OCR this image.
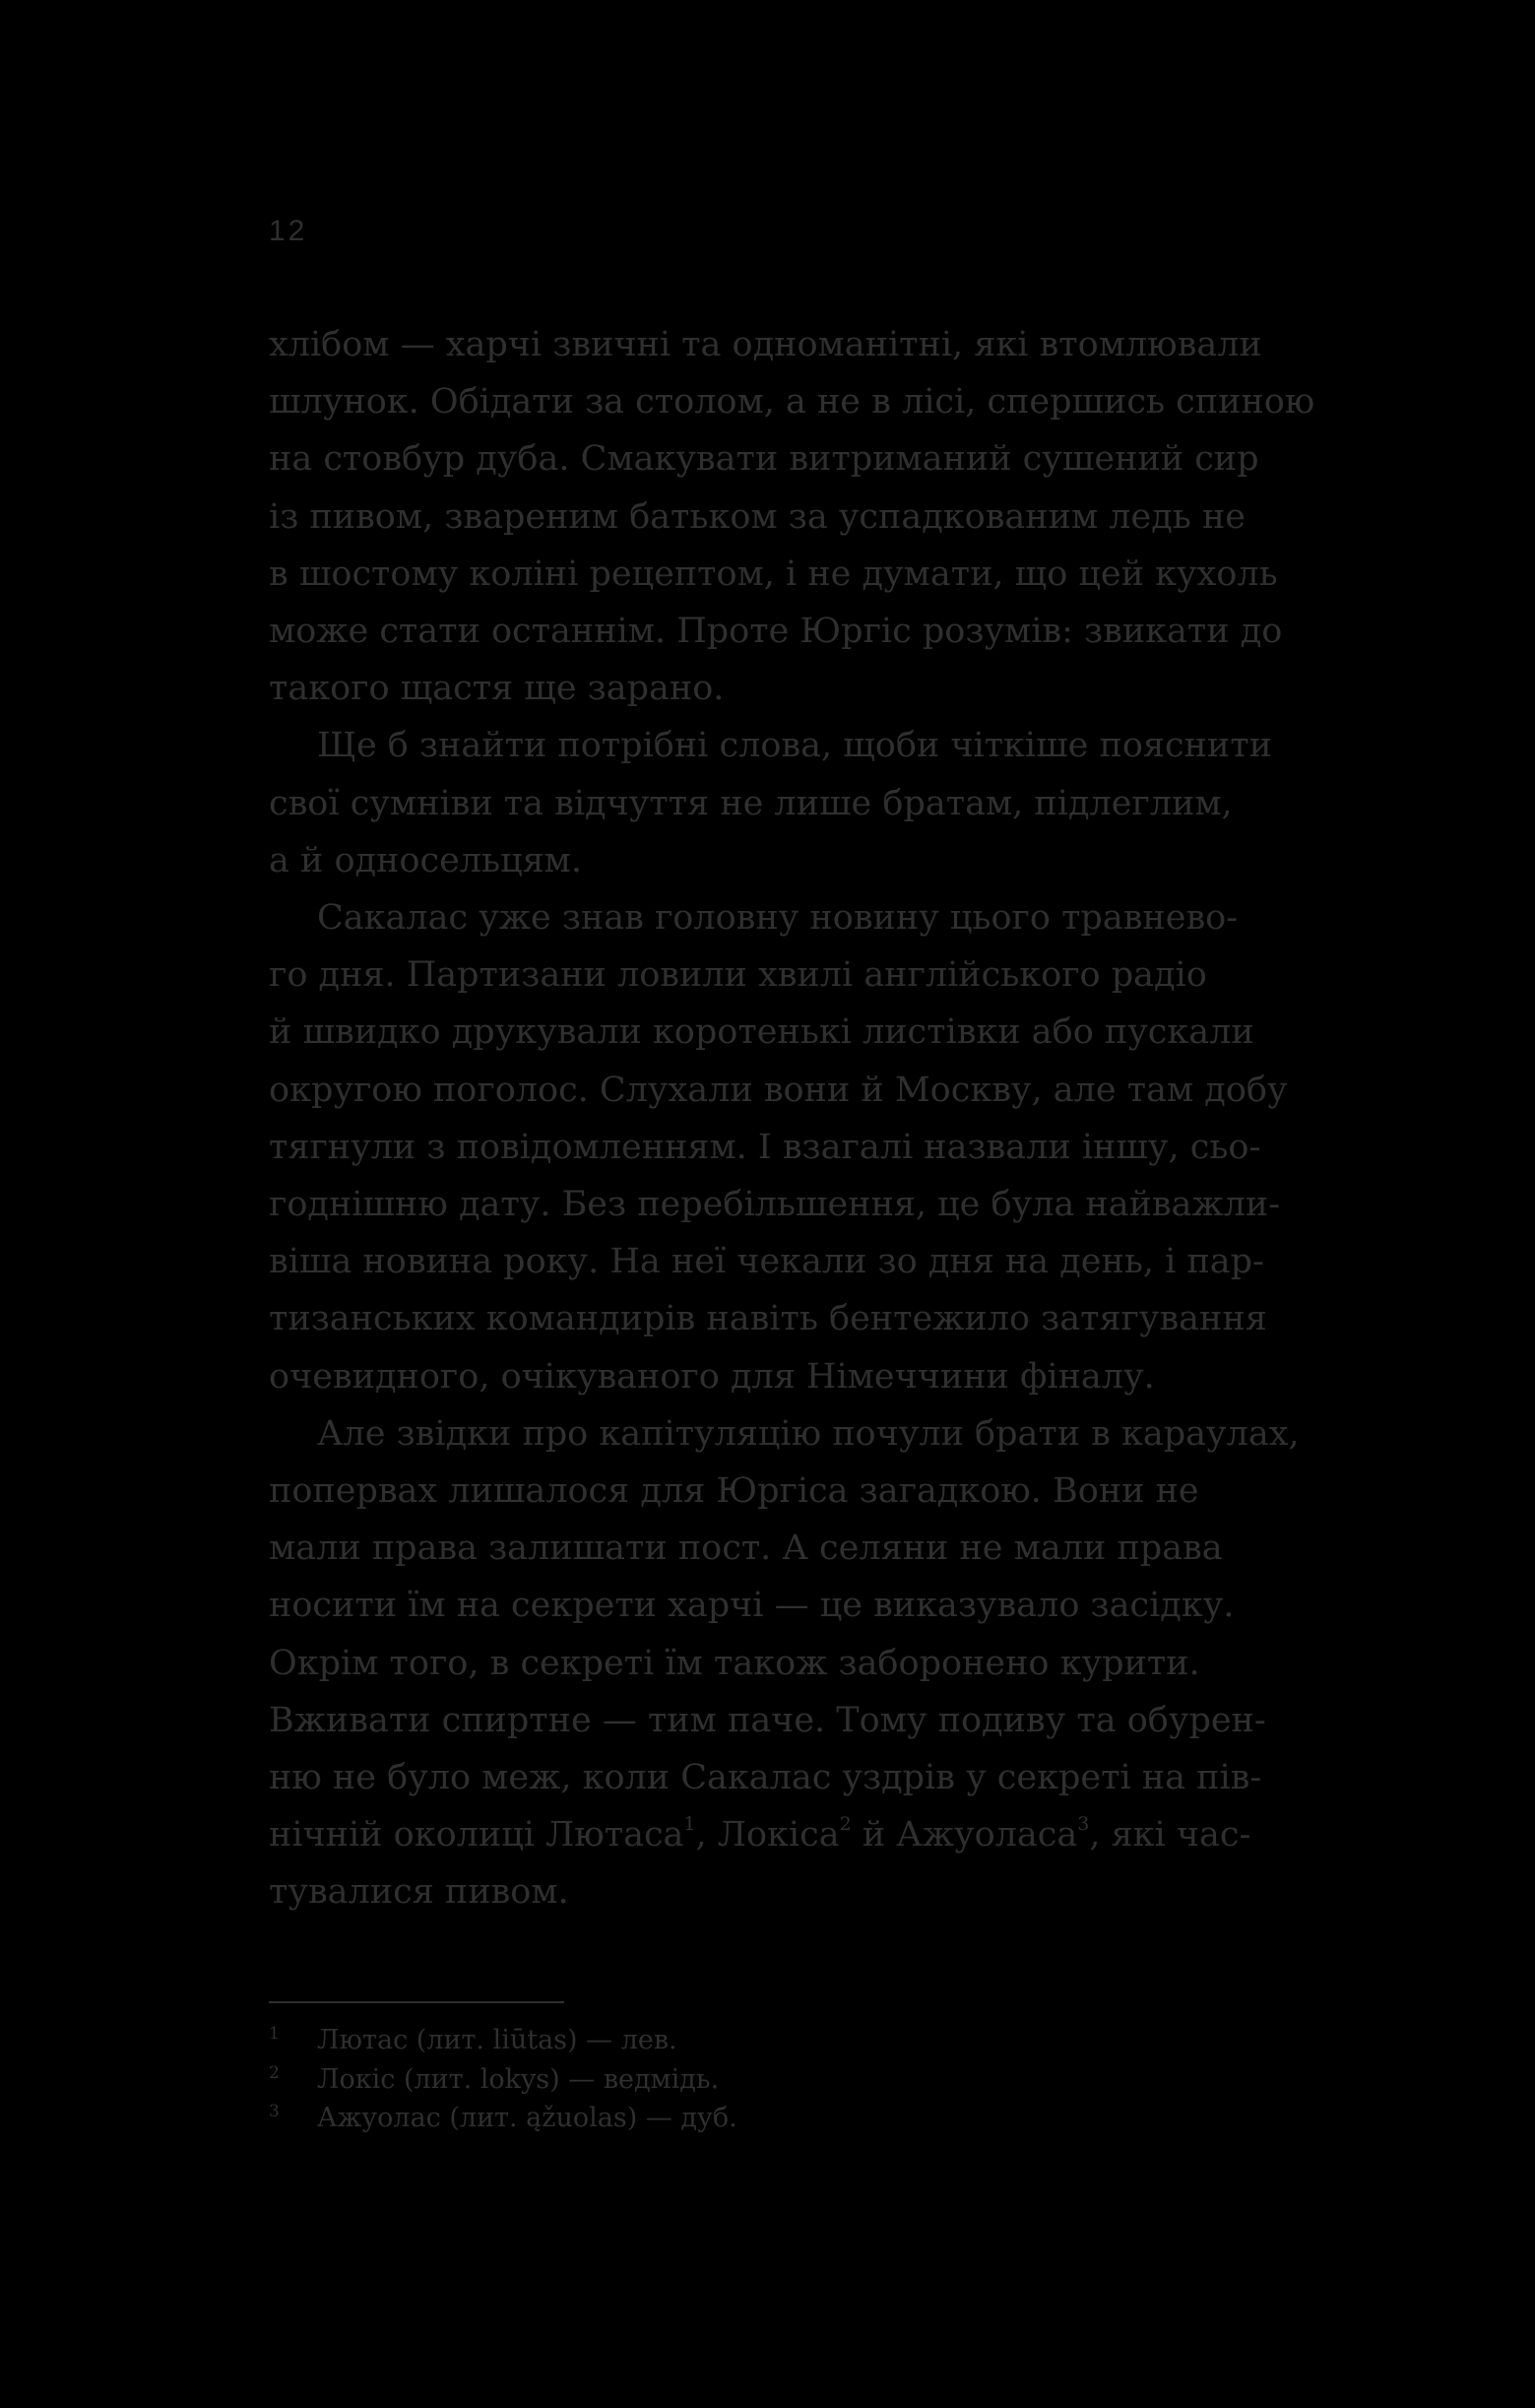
12
хлібом — харчі звичні та одноманітні, які втомлювали
шлунок. Обідати за столом, а не в лісі, спершись спиною
на стовбур дуба. Смакувати витриманий сушений сир
із пивом, звареним батьком за успадкованим ледь не
в шостому коліні рецептом, і не думати, що цей кухоль
може стати останнім. Проте Юргіс розумів: звикати до
такого щастя ще зарано.
Ще б знайти потрібні слова, щоби чіткіше пояснити
свої сумніви та відчуття не лише братам, підлеглим,
а й односельцям.
Сакалас уже знав головну новину цього травнево-
го дня. Партизани ловили хвилі англійського радіо
й швидко друкували коротенькі листівки або пускали
округою поголос. Слухали вони й Москву, але там добу
тягнули з повідомленням. І взагалі назвали іншу, сьо-
годнішню дату. Без перебільшення, це була найважли-
віша новина року. На неї чекали зо дня на день, і пар-
тизанських командирів навіть бентежило затягування
очевидного, очікуваного для Німеччини фіналу.
Але звідки про капітуляцію почули брати в караулах,
попервах лишалося для Юргіса загадкою. Вони не
мали права залишати пост. А селяни не мали права
носити їм на секрети харчі — це виказувало засідку.
Окрім того, в секреті їм також заборонено курити.
Вживати спиртне — тим паче. Тому подиву та обурен-
ню не було меж, коли Сакалас уздрів у секреті на пів-
нічній околиці Лютаса$^1$, Локіса$^2$ й Ажуоласа$^3$, які час-
тувалися пивом.
1 Лютас (лит. liūtas) — лев.
2 Локіс (лит. lokys) — ведмідь.
3 Ажуолас (лит. ąžuolas) — дуб.
